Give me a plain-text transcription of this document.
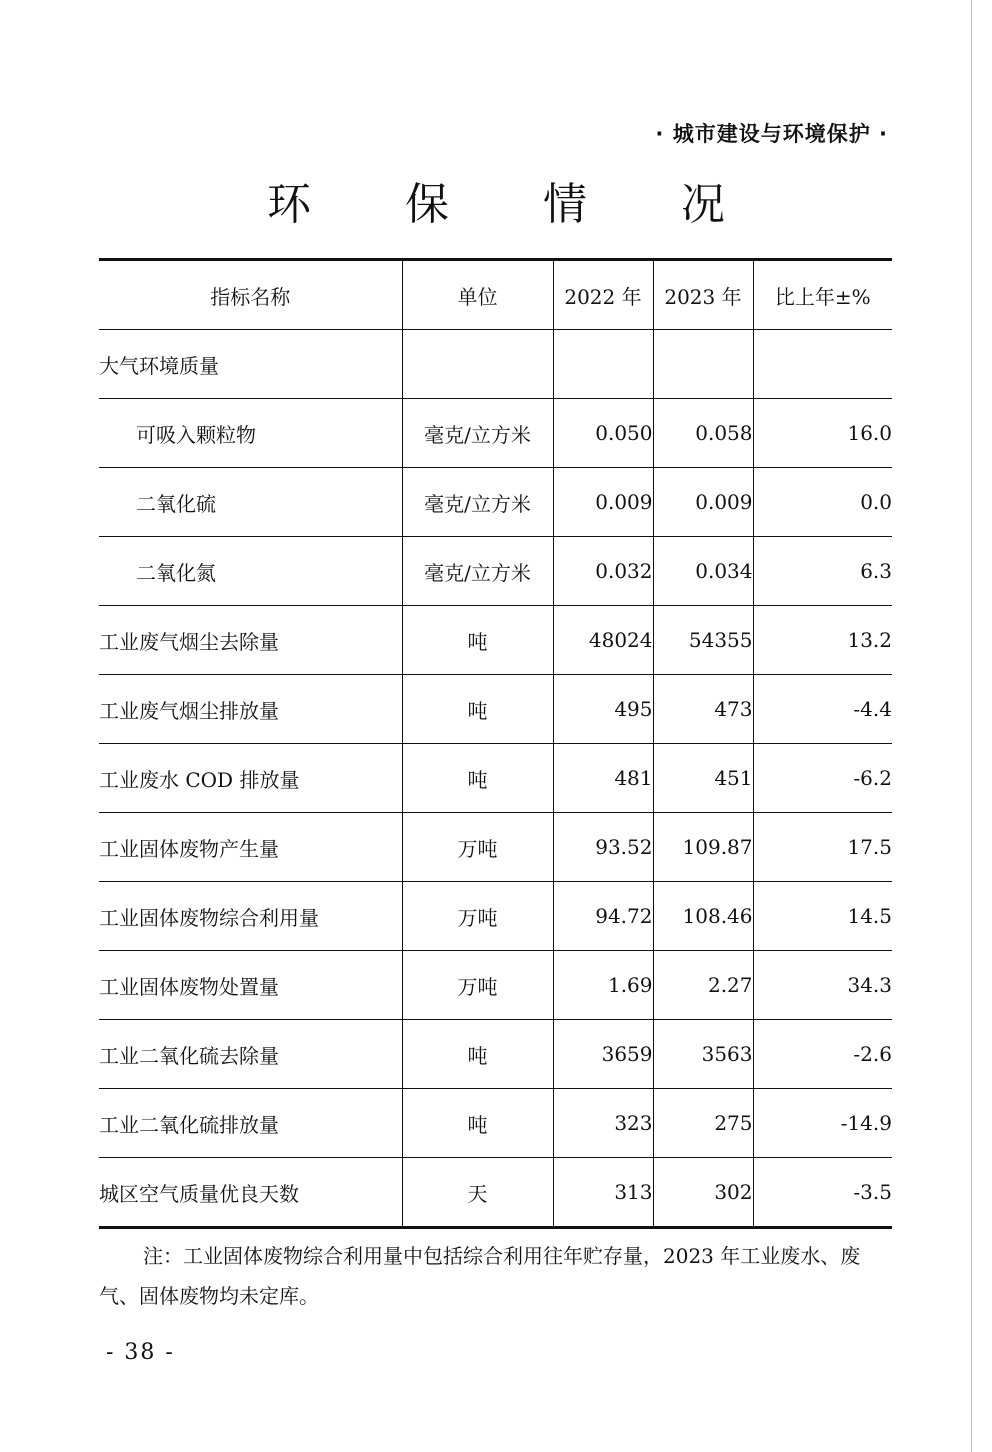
· 城市建设与环境保护 ·
环 保 情 况
指标名称	单位	2022 年	2023 年	比上年±%
大气环境质量				
可吸入颗粒物	毫克/立方米	0.050	0.058	16.0
二氧化硫	毫克/立方米	0.009	0.009	0.0
二氧化氮	毫克/立方米	0.032	0.034	6.3
工业废气烟尘去除量	吨	48024	54355	13.2
工业废气烟尘排放量	吨	495	473	-4.4
工业废水 COD 排放量	吨	481	451	-6.2
工业固体废物产生量	万吨	93.52	109.87	17.5
工业固体废物综合利用量	万吨	94.72	108.46	14.5
工业固体废物处置量	万吨	1.69	2.27	34.3
工业二氧化硫去除量	吨	3659	3563	-2.6
工业二氧化硫排放量	吨	323	275	-14.9
城区空气质量优良天数	天	313	302	-3.5
注：工业固体废物综合利用量中包括综合利用往年贮存量，2023 年工业废水、废气、固体废物均未定库。
- 38 -
